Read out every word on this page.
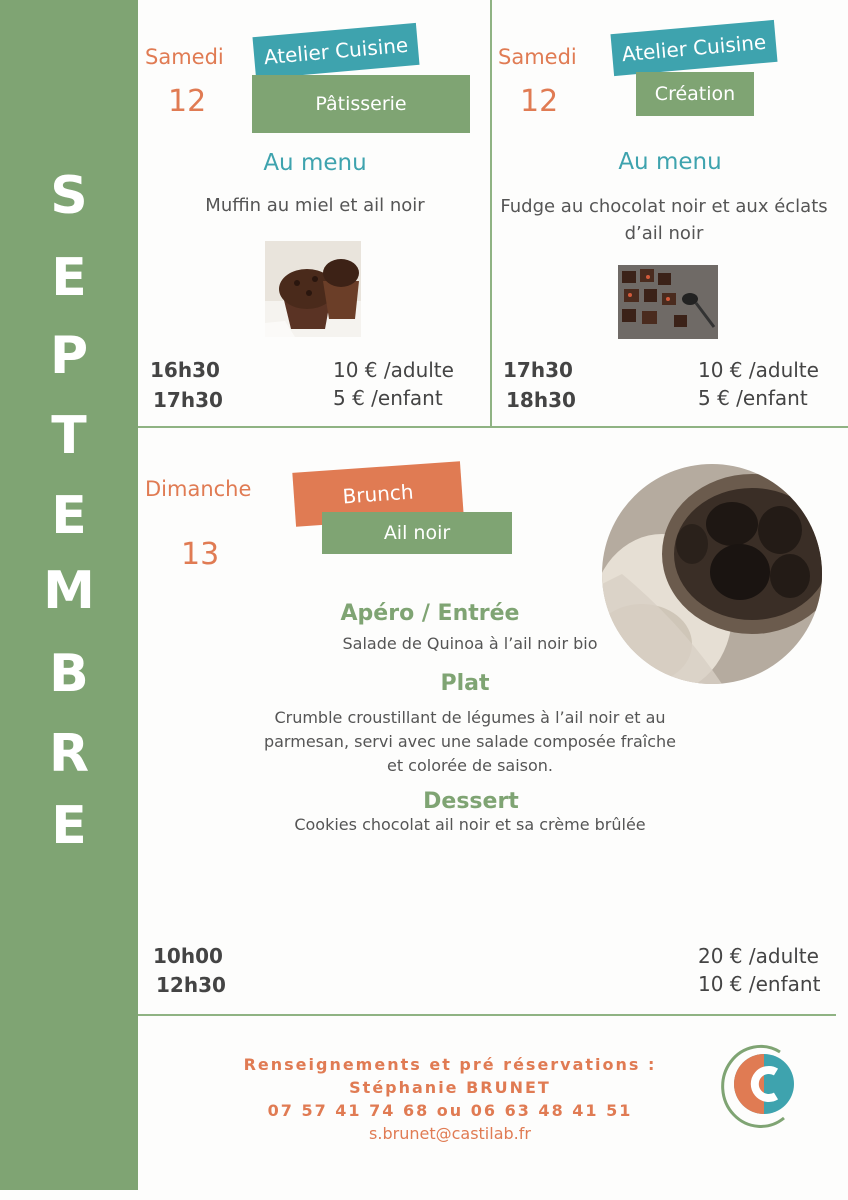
S
E
P
T
E
M
B
R
E
Samedi
12
Atelier Cuisine
Pâtisserie
Au menu
Muffin au miel et ail noir
16h30
17h30
10 € /adulte
5 € /enfant
Samedi
12
Atelier Cuisine
Création
Au menu
Fudge au chocolat noir et aux éclats
d’ail noir
17h30
18h30
10 € /adulte
5 € /enfant
Dimanche
13
Brunch
Ail noir
Apéro / Entrée
Salade de Quinoa à l’ail noir bio
Plat
Crumble croustillant de légumes à l’ail noir et au
parmesan, servi avec une salade composée fraîche
et colorée de saison.
Dessert
Cookies chocolat ail noir et sa crème brûlée
10h00
12h30
20 € /adulte
10 € /enfant
Renseignements et pré réservations :
Stéphanie BRUNET
07 57 41 74 68 ou 06 63 48 41 51
s.brunet@castilab.fr
